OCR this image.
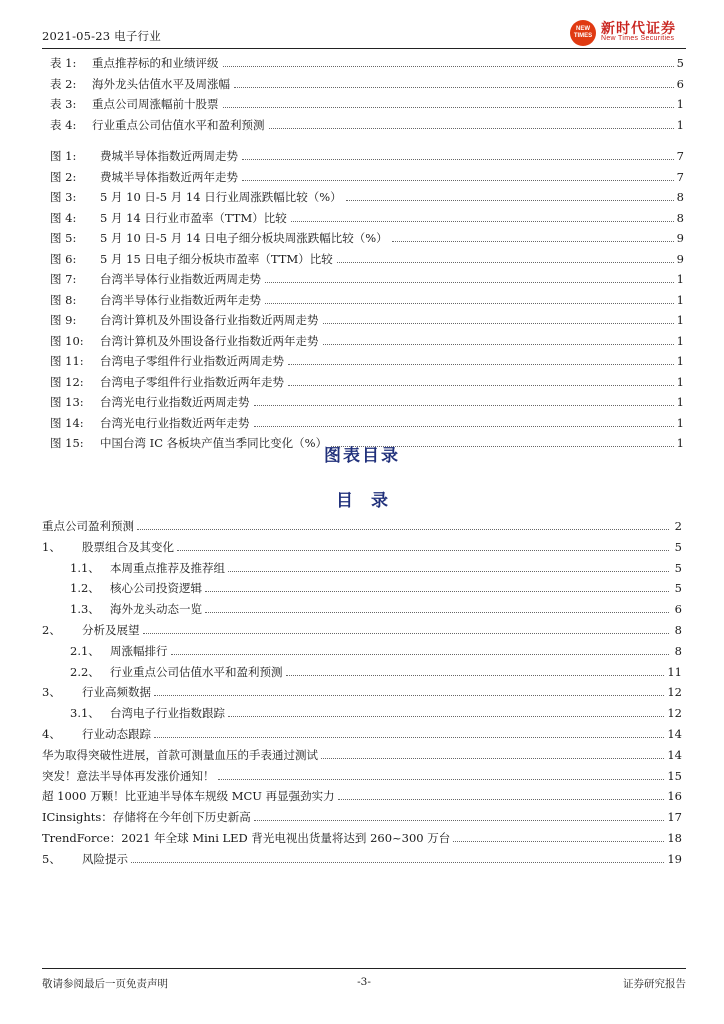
2021-05-23 电子行业	NEW TIMES 新时代证券
New Times Securities
表 1:	重点推荐标的和业绩评级	5
表 2:	海外龙头估值水平及周涨幅	6
表 3:	重点公司周涨幅前十股票	1
表 4:	行业重点公司估值水平和盈利预测	1
图 1:	费城半导体指数近两周走势	7
图 2:	费城半导体指数近两年走势	7
图 3:	5 月 10 日-5 月 14 日行业周涨跌幅比较（%）	8
图 4:	5 月 14 日行业市盈率（TTM）比较	8
图 5:	5 月 10 日-5 月 14 日电子细分板块周涨跌幅比较（%）	9
图 6:	5 月 15 日电子细分板块市盈率（TTM）比较	9
图 7:	台湾半导体行业指数近两周走势	1
图 8:	台湾半导体行业指数近两年走势	1
图 9:	台湾计算机及外围设备行业指数近两周走势	1
图 10:	台湾计算机及外围设备行业指数近两年走势	1
图 11:	台湾电子零组件行业指数近两周走势	1
图 12:	台湾电子零组件行业指数近两年走势	1
图 13:	台湾光电行业指数近两周走势	1
图 14:	台湾光电行业指数近两年走势	1
图 15:	中国台湾 IC 各板块产值当季同比变化（%）	1
图表目录
目录
重点公司盈利预测	2
1、	股票组合及其变化	5
1.1、 本周重点推荐及推荐组	5
1.2、 核心公司投资逻辑	5
1.3、 海外龙头动态一览	6
2、	分析及展望	8
2.1、 周涨幅排行	8
2.2、 行业重点公司估值水平和盈利预测	11
3、	行业高频数据	12
3.1、 台湾电子行业指数跟踪	12
4、	行业动态跟踪	14
华为取得突破性进展，首款可测量血压的手表通过测试	14
突发！意法半导体再发涨价通知！	15
超 1000 万颗！比亚迪半导体车规级 MCU 再显强劲实力	16
ICinsights：存储将在今年创下历史新高	17
TrendForce：2021 年全球 Mini LED 背光电视出货量将达到 260~300 万台	18
5、	风险提示	19
敬请参阅最后一页免责声明	-3-	证券研究报告
